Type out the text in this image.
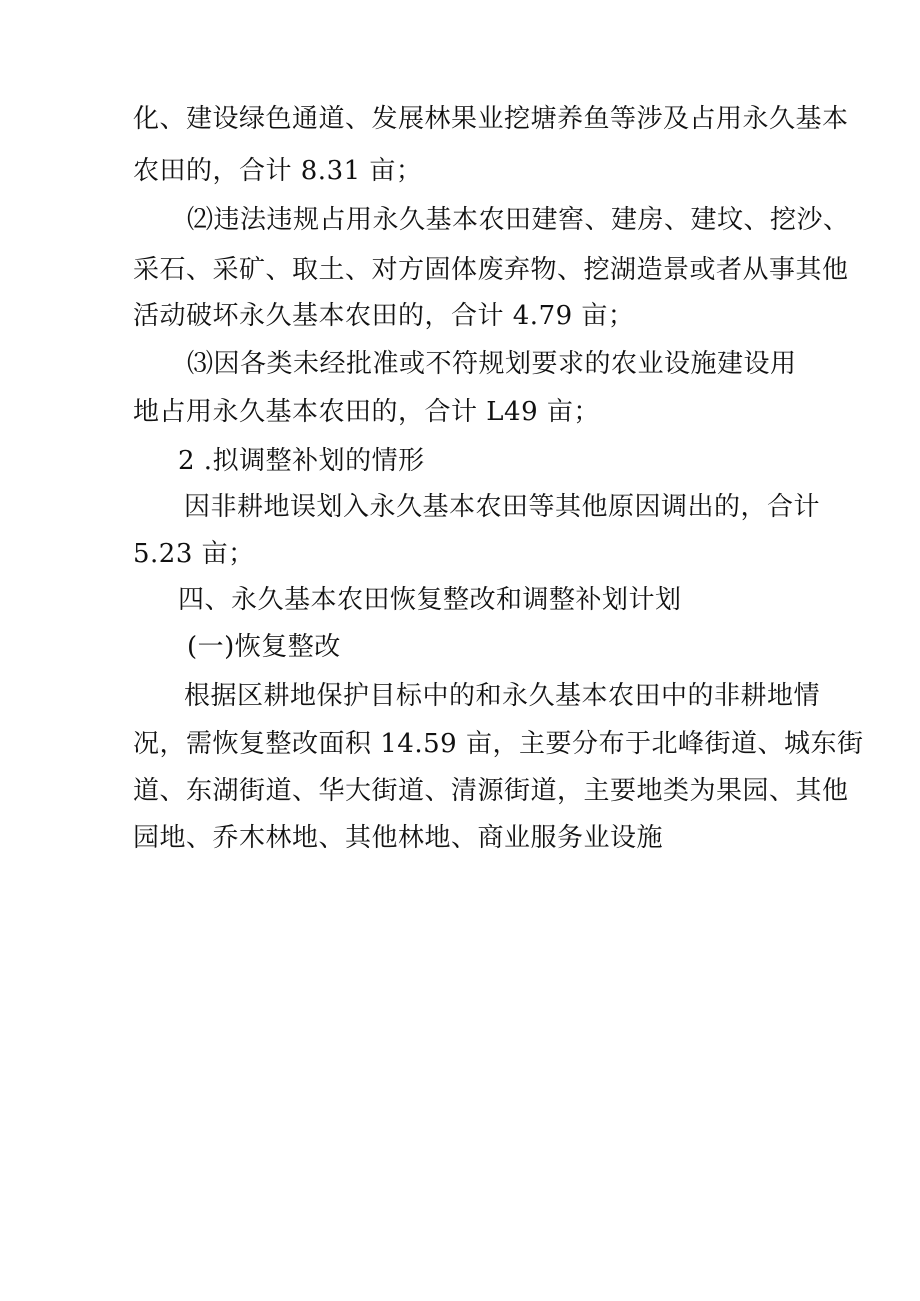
化、建设绿色通道、发展林果业挖塘养鱼等涉及占用永久基本
农田的，合计 8.31 亩；
⑵违法违规占用永久基本农田建窖、建房、建坟、挖沙、
采石、采矿、取土、对方固体废弃物、挖湖造景或者从事其他
活动破坏永久基本农田的，合计 4.79 亩；
⑶因各类未经批准或不符规划要求的农业设施建设用
地占用永久基本农田的，合计 L49 亩；
2 .拟调整补划的情形
因非耕地误划入永久基本农田等其他原因调出的，合计
5.23 亩；
四、永久基本农田恢复整改和调整补划计划
(一)恢复整改
根据区耕地保护目标中的和永久基本农田中的非耕地情
况，需恢复整改面积 14.59 亩，主要分布于北峰街道、城东街
道、东湖街道、华大街道、清源街道，主要地类为果园、其他
园地、乔木林地、其他林地、商业服务业设施
